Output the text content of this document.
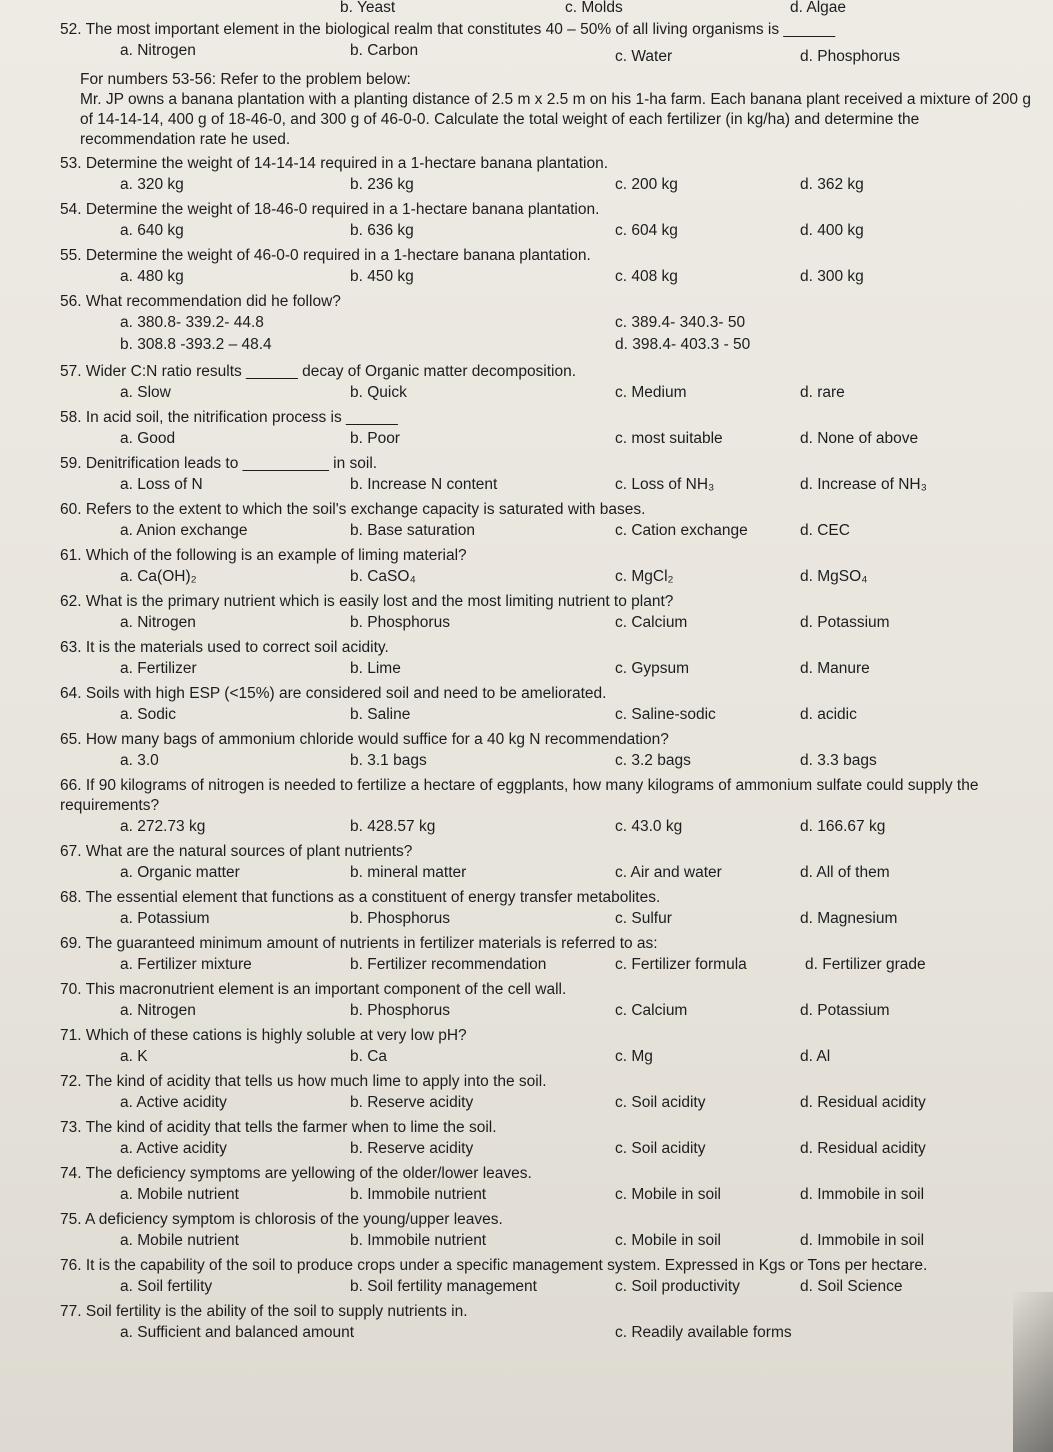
b. Yeast	c. Molds	d. Algae

52. The most important element in the biological realm that constitutes 40 – 50% of all living organisms is ______

a. Nitrogen	b. Carbon	c. Water	d. Phosphorus

For numbers 53-56: Refer to the problem below:

Mr. JP owns a banana plantation with a planting distance of 2.5 m x 2.5 m on his 1-ha farm. Each banana plant received a mixture of 200 g of 14-14-14, 400 g of 18-46-0, and 300 g of 46-0-0. Calculate the total weight of each fertilizer (in kg/ha) and determine the recommendation rate he used.

53. Determine the weight of 14-14-14 required in a 1-hectare banana plantation.

a. 320 kg	b. 236 kg	c. 200 kg	d. 362 kg

54. Determine the weight of 18-46-0 required in a 1-hectare banana plantation.

a. 640 kg	b. 636 kg	c. 604 kg	d. 400 kg

55. Determine the weight of 46-0-0 required in a 1-hectare banana plantation.

a. 480 kg	b. 450 kg	c. 408 kg	d. 300 kg

56. What recommendation did he follow?

a. 380.8- 339.2- 44.8	c. 389.4- 340.3- 50
b. 308.8 -393.2 – 48.4	d. 398.4- 403.3 - 50

57. Wider C:N ratio results ______ decay of Organic matter decomposition.

a. Slow	b. Quick	c. Medium	d. rare

58. In acid soil, the nitrification process is ______

a. Good	b. Poor	c. most suitable	d. None of above

59. Denitrification leads to __________ in soil.

a. Loss of N	b. Increase N content	c. Loss of NH₃	d. Increase of NH₃

60. Refers to the extent to which the soil's exchange capacity is saturated with bases.

a. Anion exchange	b. Base saturation	c. Cation exchange	d. CEC

61. Which of the following is an example of liming material?

a. Ca(OH)₂	b. CaSO₄	c. MgCl₂	d. MgSO₄

62. What is the primary nutrient which is easily lost and the most limiting nutrient to plant?

a. Nitrogen	b. Phosphorus	c. Calcium	d. Potassium

63. It is the materials used to correct soil acidity.

a. Fertilizer	b. Lime	c. Gypsum	d. Manure

64. Soils with high ESP (<15%) are considered soil and need to be ameliorated.

a. Sodic	b. Saline	c. Saline-sodic	d. acidic

65. How many bags of ammonium chloride would suffice for a 40 kg N recommendation?

a. 3.0	b. 3.1 bags	c. 3.2 bags	d. 3.3 bags

66. If 90 kilograms of nitrogen is needed to fertilize a hectare of eggplants, how many kilograms of ammonium sulfate could supply the requirements?

a. 272.73 kg	b. 428.57 kg	c. 43.0 kg	d. 166.67 kg

67. What are the natural sources of plant nutrients?

a. Organic matter	b. mineral matter	c. Air and water	d. All of them

68. The essential element that functions as a constituent of energy transfer metabolites.

a. Potassium	b. Phosphorus	c. Sulfur	d. Magnesium

69. The guaranteed minimum amount of nutrients in fertilizer materials is referred to as:

a. Fertilizer mixture	b. Fertilizer recommendation	c. Fertilizer formula	d. Fertilizer grade

70. This macronutrient element is an important component of the cell wall.

a. Nitrogen	b. Phosphorus	c. Calcium	d. Potassium

71. Which of these cations is highly soluble at very low pH?

a. K	b. Ca	c. Mg	d. Al

72. The kind of acidity that tells us how much lime to apply into the soil.

a. Active acidity	b. Reserve acidity	c. Soil acidity	d. Residual acidity

73. The kind of acidity that tells the farmer when to lime the soil.

a. Active acidity	b. Reserve acidity	c. Soil acidity	d. Residual acidity

74. The deficiency symptoms are yellowing of the older/lower leaves.

a. Mobile nutrient	b. Immobile nutrient	c. Mobile in soil	d. Immobile in soil

75. A deficiency symptom is chlorosis of the young/upper leaves.

a. Mobile nutrient	b. Immobile nutrient	c. Mobile in soil	d. Immobile in soil

76. It is the capability of the soil to produce crops under a specific management system. Expressed in Kgs or Tons per hectare.

a. Soil fertility	b. Soil fertility management	c. Soil productivity	d. Soil Science

77. Soil fertility is the ability of the soil to supply nutrients in.

a. Sufficient and balanced amount	c. Readily available forms
